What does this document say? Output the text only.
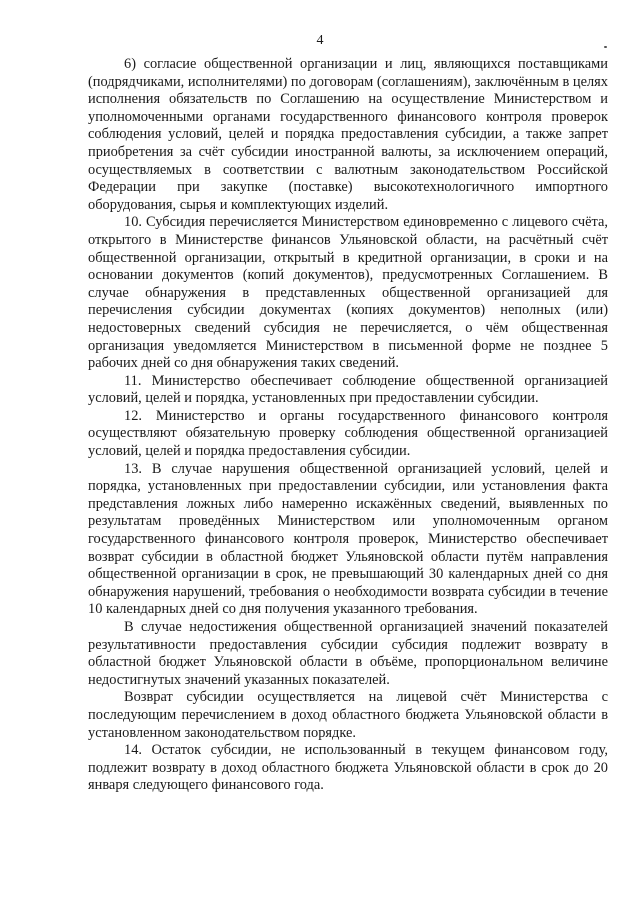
4

6) согласие общественной организации и лиц, являющихся поставщиками (подрядчиками, исполнителями) по договорам (соглашениям), заключённым в целях исполнения обязательств по Соглашению на осуществление Министерством и уполномоченными органами государственного финансового контроля проверок соблюдения условий, целей и порядка предоставления субсидии, а также запрет приобретения за счёт субсидии иностранной валюты, за исключением операций, осуществляемых в соответствии с валютным законодательством Российской Федерации при закупке (поставке) высокотехнологичного импортного оборудования, сырья и комплектующих изделий.

10. Субсидия перечисляется Министерством единовременно с лицевого счёта, открытого в Министерстве финансов Ульяновской области, на расчётный счёт общественной организации, открытый в кредитной организации, в сроки и на основании документов (копий документов), предусмотренных Соглашением. В случае обнаружения в представленных общественной организацией для перечисления субсидии документах (копиях документов) неполных (или) недостоверных сведений субсидия не перечисляется, о чём общественная организация уведомляется Министерством в письменной форме не позднее 5 рабочих дней со дня обнаружения таких сведений.

11. Министерство обеспечивает соблюдение общественной организацией условий, целей и порядка, установленных при предоставлении субсидии.

12. Министерство и органы государственного финансового контроля осуществляют обязательную проверку соблюдения общественной организацией условий, целей и порядка предоставления субсидии.

13. В случае нарушения общественной организацией условий, целей и порядка, установленных при предоставлении субсидии, или установления факта представления ложных либо намеренно искажённых сведений, выявленных по результатам проведённых Министерством или уполномоченным органом государственного финансового контроля проверок, Министерство обеспечивает возврат субсидии в областной бюджет Ульяновской области путём направления общественной организации в срок, не превышающий 30 календарных дней со дня обнаружения нарушений, требования о необходимости возврата субсидии в течение 10 календарных дней со дня получения указанного требования.

В случае недостижения общественной организацией значений показателей результативности предоставления субсидии субсидия подлежит возврату в областной бюджет Ульяновской области в объёме, пропорциональном величине недостигнутых значений указанных показателей.

Возврат субсидии осуществляется на лицевой счёт Министерства с последующим перечислением в доход областного бюджета Ульяновской области в установленном законодательством порядке.

14. Остаток субсидии, не использованный в текущем финансовом году, подлежит возврату в доход областного бюджета Ульяновской области в срок до 20 января следующего финансового года.
